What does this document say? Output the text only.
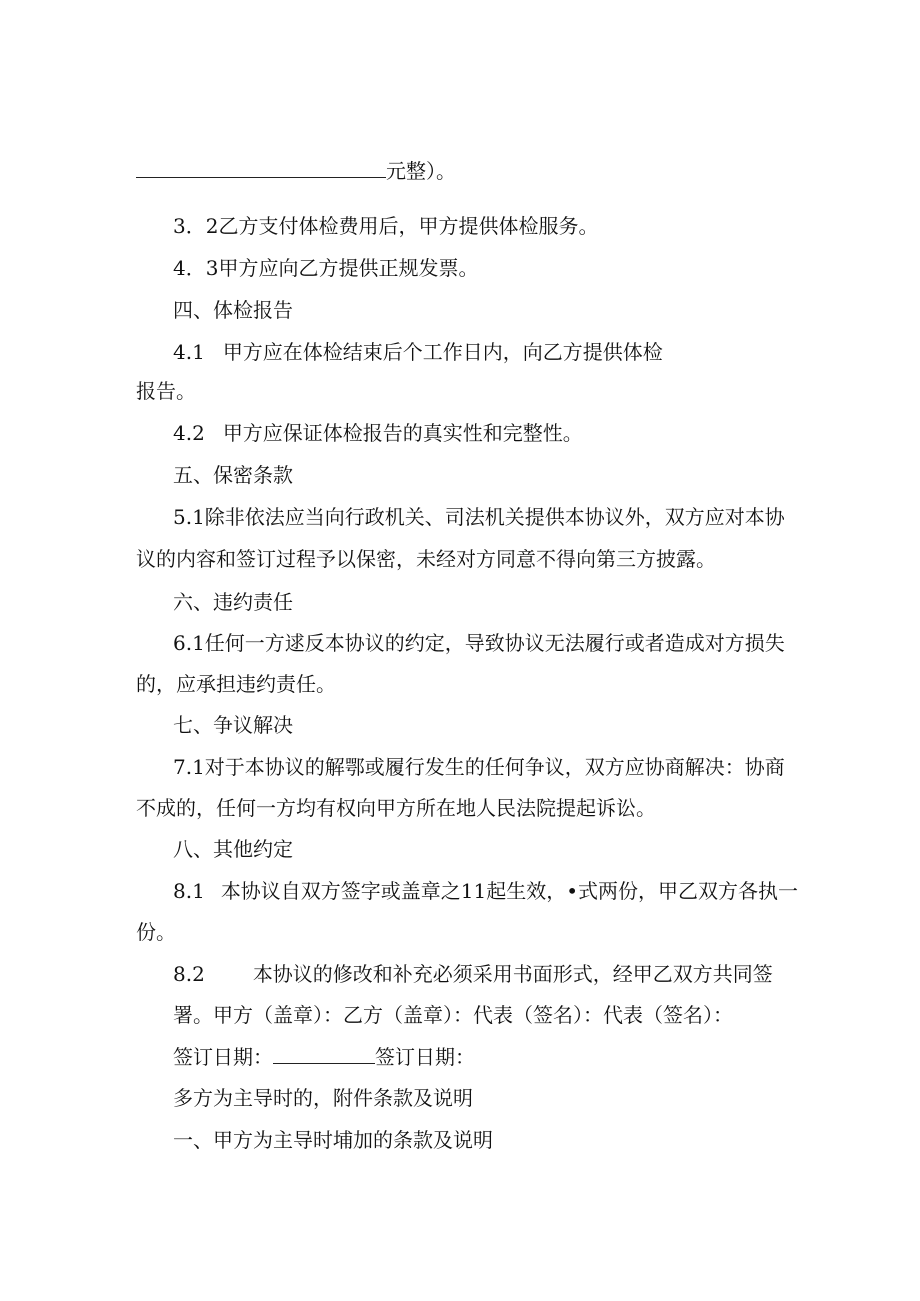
元整）。
3．2乙方支付体检费用后，甲方提供体检服务。
4．3甲方应向乙方提供正规发票。
四、体检报告
4.1 甲方应在体检结束后个工作日内，向乙方提供体检
报告。
4.2 甲方应保证体检报告的真实性和完整性。
五、保密条款
5.1除非依法应当向行政机关、司法机关提供本协议外，双方应对本协
议的内容和签订过程予以保密，未经对方同意不得向第三方披露。
六、违约责任
6.1任何一方逑反本协议的约定，导致协议无法履行或者造成对方损失
的，应承担违约责任。
七、争议解决
7.1对于本协议的解鄂或履行发生的任何争议，双方应协商解决：协商
不成的，任何一方均有权向甲方所在地人民法院提起诉讼。
八、其他约定
8.1 本协议自双方签字或盖章之11起生效，•式两份，甲乙双方各执一
份。
8.2 本协议的修改和补充必须采用书面形式，经甲乙双方共同签
署。甲方（盖章）：乙方（盖章）：代表（签名）：代表（签名）：
签订日期：	签订日期：
多方为主导时的，附件条款及说明
一、甲方为主导时埔加的条款及说明
